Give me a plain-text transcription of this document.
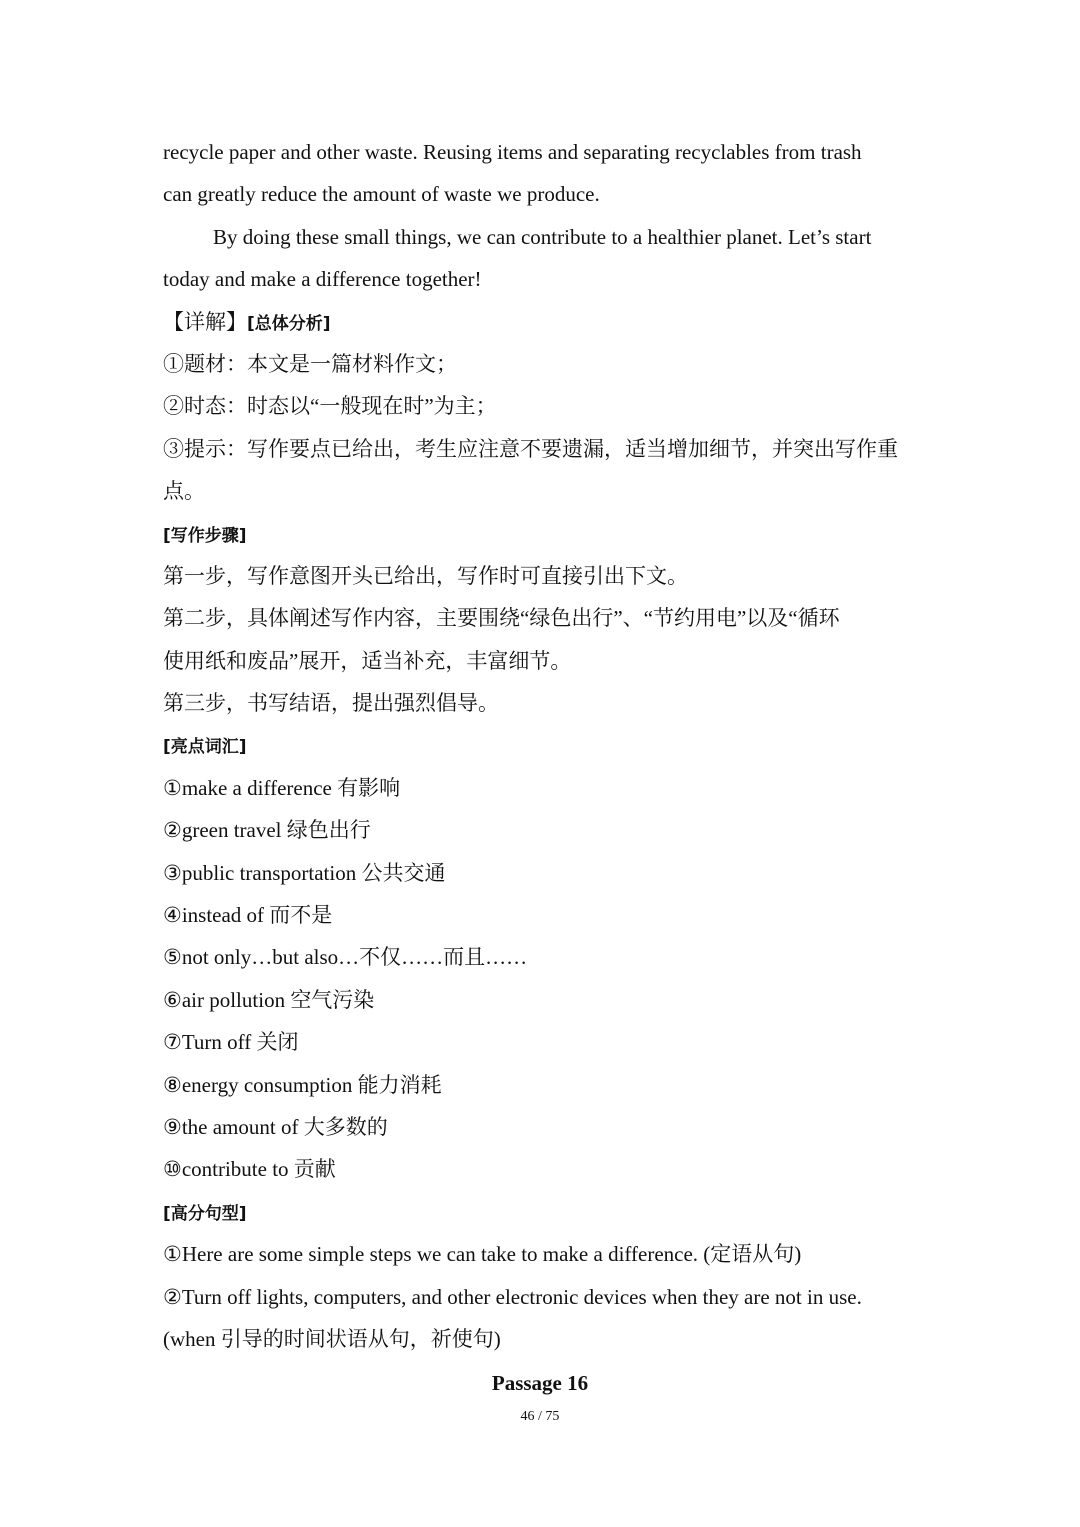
recycle paper and other waste. Reusing items and separating recyclables from trash
can greatly reduce the amount of waste we produce.
By doing these small things, we can contribute to a healthier planet. Let’s start
today and make a difference together!
【详解】[总体分析]
①题材：本文是一篇材料作文；
②时态：时态以“一般现在时”为主；
③提示：写作要点已给出，考生应注意不要遗漏，适当增加细节，并突出写作重
点。
[写作步骤]
第一步，写作意图开头已给出，写作时可直接引出下文。
第二步，具体阐述写作内容，主要围绕“绿色出行”、“节约用电”以及“循环
使用纸和废品”展开，适当补充，丰富细节。
第三步，书写结语，提出强烈倡导。
[亮点词汇]
①make a difference 有影响
②green travel 绿色出行
③public transportation 公共交通
④instead of 而不是
⑤not only…but also…不仅……而且……
⑥air pollution 空气污染
⑦Turn off 关闭
⑧energy consumption 能力消耗
⑨the amount of 大多数的
⑩contribute to 贡献
[高分句型]
①Here are some simple steps we can take to make a difference. (定语从句)
②Turn off lights, computers, and other electronic devices when they are not in use.
(when 引导的时间状语从句，祈使句)
Passage 16
46 / 75
